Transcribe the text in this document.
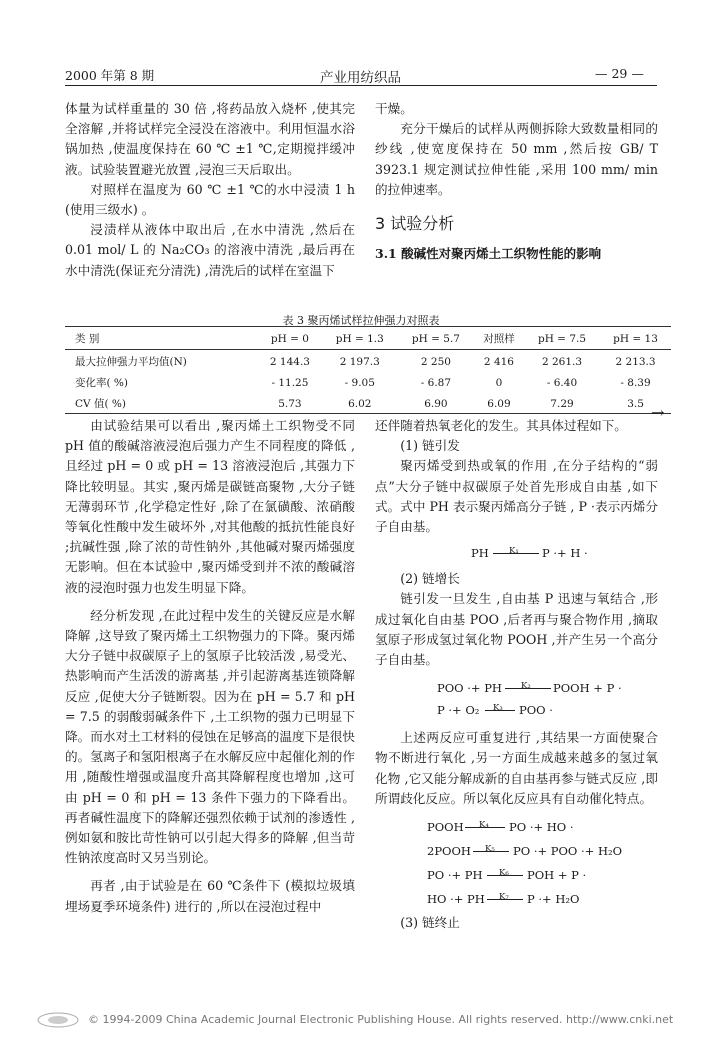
2000 年第 8 期	产业用纺织品	— 29 —

体量为试样重量的 30 倍 ,将药品放入烧杯 ,使其完全溶解 ,并将试样完全浸没在溶液中。利用恒温水浴锅加热 ,使温度保持在 60 ℃ ±1 ℃,定期搅拌缓冲液。试验装置避光放置 ,浸泡三天后取出。

对照样在温度为 60 ℃ ±1 ℃的水中浸渍 1 h (使用三级水) 。

浸渍样从液体中取出后 ,在水中清洗 ,然后在 0.01 mol/ L 的 Na₂CO₃ 的溶液中清洗 ,最后再在水中清洗(保证充分清洗) ,清洗后的试样在室温下

干燥。

充分干燥后的试样从两侧拆除大致数量相同的纱线 ,使宽度保持在 50 mm ,然后按 GB/ T 3923.1 规定测试拉伸性能 ,采用 100 mm/ min 的拉伸速率。

3 试验分析

3.1 酸碱性对聚丙烯土工织物性能的影响

表 3 聚丙烯试样拉伸强力对照表
类 别	pH = 0	pH = 1.3	pH = 5.7	对照样	pH = 7.5	pH = 13
最大拉伸强力平均值(N)	2 144.3	2 197.3	2 250	2 416	2 261.3	2 213.3
变化率( %)	- 11.25	- 9.05	- 6.87	0	- 6.40	- 8.39
CV 值( %)	5.73	6.02	6.90	6.09	7.29	3.5 →

由试验结果可以看出 ,聚丙烯土工织物受不同 pH 值的酸碱溶液浸泡后强力产生不同程度的降低 ,且经过 pH = 0 或 pH = 13 溶液浸泡后 ,其强力下降比较明显。其实 ,聚丙烯是碳链高聚物 ,大分子链无薄弱环节 ,化学稳定性好 ,除了在氯磺酸、浓硝酸等氧化性酸中发生破坏外 ,对其他酸的抵抗性能良好 ;抗碱性强 ,除了浓的苛性钠外 ,其他碱对聚丙烯强度无影响。但在本试验中 ,聚丙烯受到并不浓的酸碱溶液的浸泡时强力也发生明显下降。

经分析发现 ,在此过程中发生的关键反应是水解降解 ,这导致了聚丙烯土工织物强力的下降。聚丙烯大分子链中叔碳原子上的氢原子比较活泼 ,易受光、热影响而产生活泼的游离基 ,并引起游离基连锁降解反应 ,促使大分子链断裂。因为在 pH = 5.7 和 pH = 7.5 的弱酸弱碱条件下 ,土工织物的强力已明显下降。而水对土工材料的侵蚀在足够高的温度下是很快的。氢离子和氢阳根离子在水解反应中起催化剂的作用 ,随酸性增强或温度升高其降解程度也增加 ,这可由 pH = 0 和 pH = 13 条件下强力的下降看出。再者碱性温度下的降解还强烈依赖于试剂的渗透性 ,例如氨和胺比苛性钠可以引起大得多的降解 ,但当苛性钠浓度高时又另当别论。

再者 ,由于试验是在 60 ℃条件下 (模拟垃圾填埋场夏季环境条件) 进行的 ,所以在浸泡过程中

还伴随着热氧老化的发生。其具体过程如下。

(1) 链引发

聚丙烯受到热或氧的作用 ,在分子结构的“弱点”大分子链中叔碳原子处首先形成自由基 ,如下式。式中 PH 表示聚丙烯高分子链 , P ·表示丙烯分子自由基。

PH K₁ P ·+ H ·

(2) 链增长

链引发一旦发生 ,自由基 P 迅速与氧结合 ,形成过氧化自由基 POO ,后者再与聚合物作用 ,摘取氢原子形成氢过氧化物 POOH ,并产生另一个高分子自由基。

POO ·+ PH K₂ POOH + P ·
P ·+ O₂ K₃ POO ·

上述两反应可重复进行 ,其结果一方面使聚合物不断进行氧化 ,另一方面生成越来越多的氢过氧化物 ,它又能分解成新的自由基再参与链式反应 ,即所谓歧化反应。所以氧化反应具有自动催化特点。

POOH K₄ PO ·+ HO ·
2POOH K₅ PO ·+ POO ·+ H₂O
PO ·+ PH K₆ POH + P ·
HO ·+ PH K₇ P ·+ H₂O

(3) 链终止

© 1994-2009 China Academic Journal Electronic Publishing House. All rights reserved. http://www.cnki.net
